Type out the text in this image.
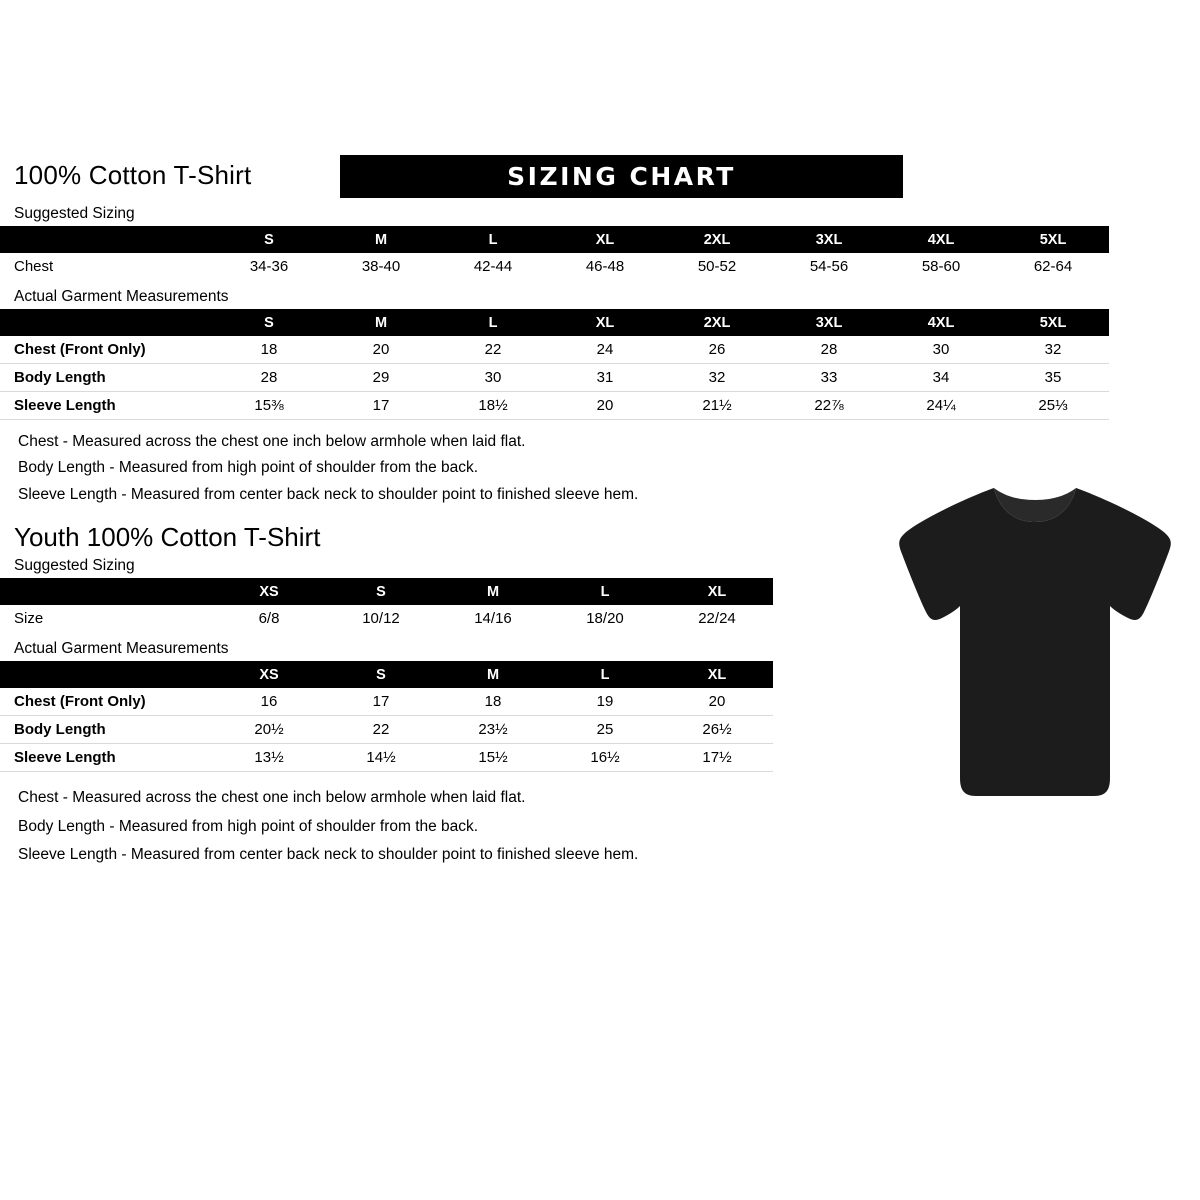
100% Cotton T-Shirt	SIZING CHART
Suggested Sizing
	S	M	L	XL	2XL	3XL	4XL	5XL
Chest	34-36	38-40	42-44	46-48	50-52	54-56	58-60	62-64
Actual Garment Measurements
	S	M	L	XL	2XL	3XL	4XL	5XL
Chest (Front Only)	18	20	22	24	26	28	30	32
Body Length	28	29	30	31	32	33	34	35
Sleeve Length	15⅜	17	18½	20	21½	22⅞	24¼	25⅓

Chest - Measured across the chest one inch below armhole when laid flat.

Body Length - Measured from high point of shoulder from the back.

Sleeve Length - Measured from center back neck to shoulder point to finished sleeve hem.

Youth 100% Cotton T-Shirt
Suggested Sizing
	XS	S	M	L	XL
Size	6/8	10/12	14/16	18/20	22/24
Actual Garment Measurements
	XS	S	M	L	XL
Chest (Front Only)	16	17	18	19	20
Body Length	20½	22	23½	25	26½
Sleeve Length	13½	14½	15½	16½	17½

Chest - Measured across the chest one inch below armhole when laid flat.

Body Length - Measured from high point of shoulder from the back.

Sleeve Length - Measured from center back neck to shoulder point to finished sleeve hem.
